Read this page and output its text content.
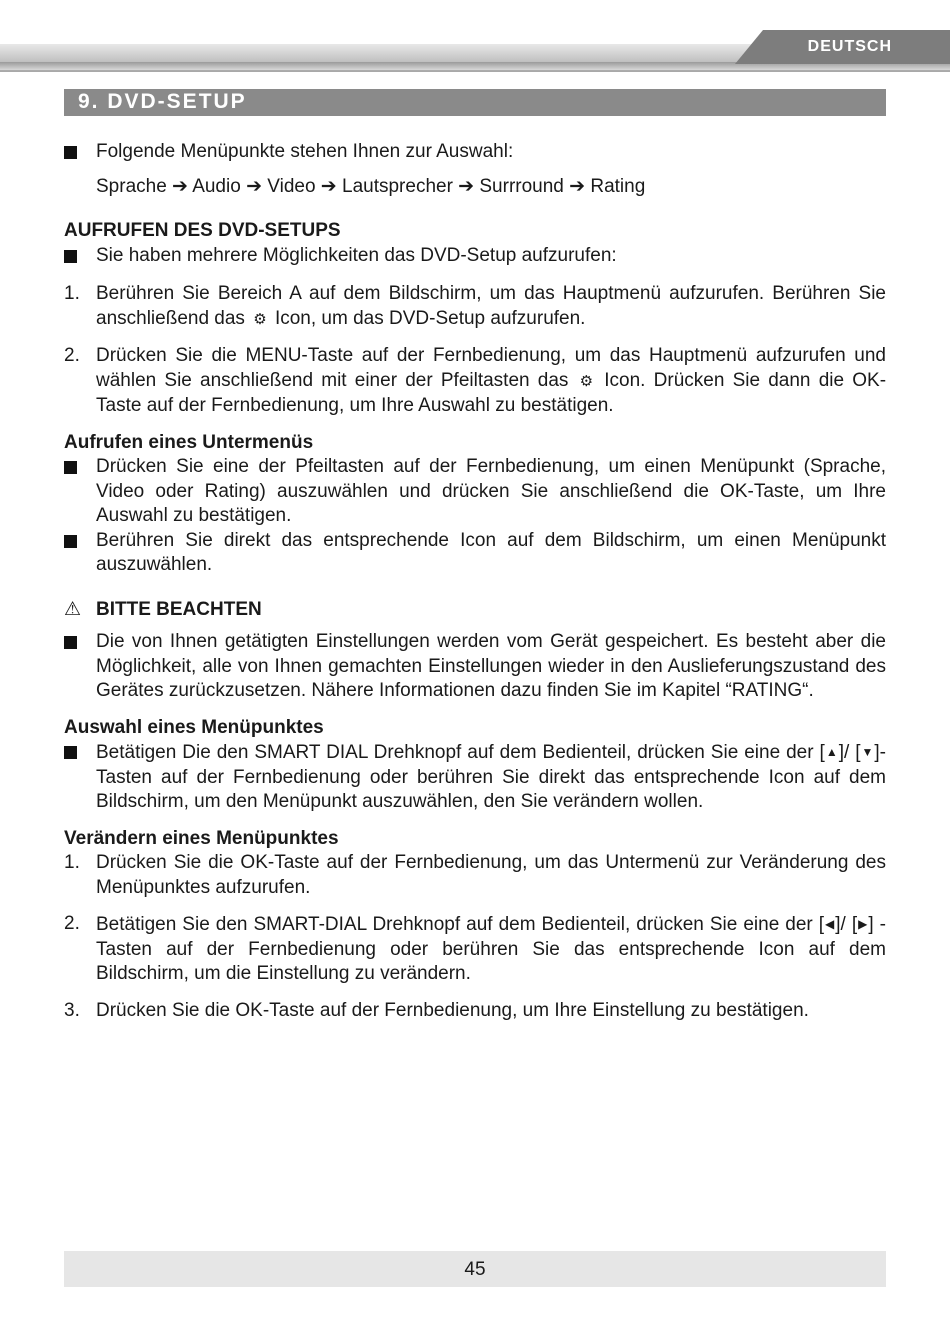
DEUTSCH
9. DVD-SETUP
Folgende Menüpunkte stehen Ihnen zur Auswahl:

Sprache ➔ Audio ➔ Video ➔ Lautsprecher ➔ Surrround ➔ Rating

AUFRUFEN DES DVD-SETUPS

Sie haben mehrere Möglichkeiten das DVD-Setup aufzurufen:
1. Berühren Sie Bereich A auf dem Bildschirm, um das Hauptmenü aufzurufen. Berühren Sie anschließend das ⚙ Icon, um das DVD-Setup aufzurufen.
2. Drücken Sie die MENU-Taste auf der Fernbedienung, um das Hauptmenü aufzurufen und wählen Sie anschließend mit einer der Pfeiltasten das ⚙ Icon. Drücken Sie dann die OK-Taste auf der Fernbedienung, um Ihre Auswahl zu bestätigen.

Aufrufen eines Untermenüs

Drücken Sie eine der Pfeiltasten auf der Fernbedienung, um einen Menüpunkt (Sprache, Video oder Rating) auszuwählen und drücken Sie anschließend die OK-Taste, um Ihre Auswahl zu bestätigen.
Berühren Sie direkt das entsprechende Icon auf dem Bildschirm, um einen Menüpunkt auszuwählen.
⚠ BITTE BEACHTEN
Die von Ihnen getätigten Einstellungen werden vom Gerät gespeichert. Es besteht aber die Möglichkeit, alle von Ihnen gemachten Einstellungen wieder in den Auslieferungszustand des Gerätes zurückzusetzen. Nähere Informationen dazu finden Sie im Kapitel “RATING“.

Auswahl eines Menüpunktes

Betätigen Die den SMART DIAL Drehknopf auf dem Bedienteil, drücken Sie eine der [▲]/ [▼]-Tasten auf der Fernbedienung oder berühren Sie direkt das entsprechende Icon auf dem Bildschirm, um den Menüpunkt auszuwählen, den Sie verändern wollen.

Verändern eines Menüpunktes

1. Drücken Sie die OK-Taste auf der Fernbedienung, um das Untermenü zur Veränderung des Menüpunktes aufzurufen.
2. Betätigen Sie den SMART-DIAL Drehknopf auf dem Bedienteil, drücken Sie eine der [◀]/ [▶] - Tasten auf der Fernbedienung oder berühren Sie das entsprechende Icon auf dem Bildschirm, um die Einstellung zu verändern.
3. Drücken Sie die OK-Taste auf der Fernbedienung, um Ihre Einstellung zu bestätigen.
45
